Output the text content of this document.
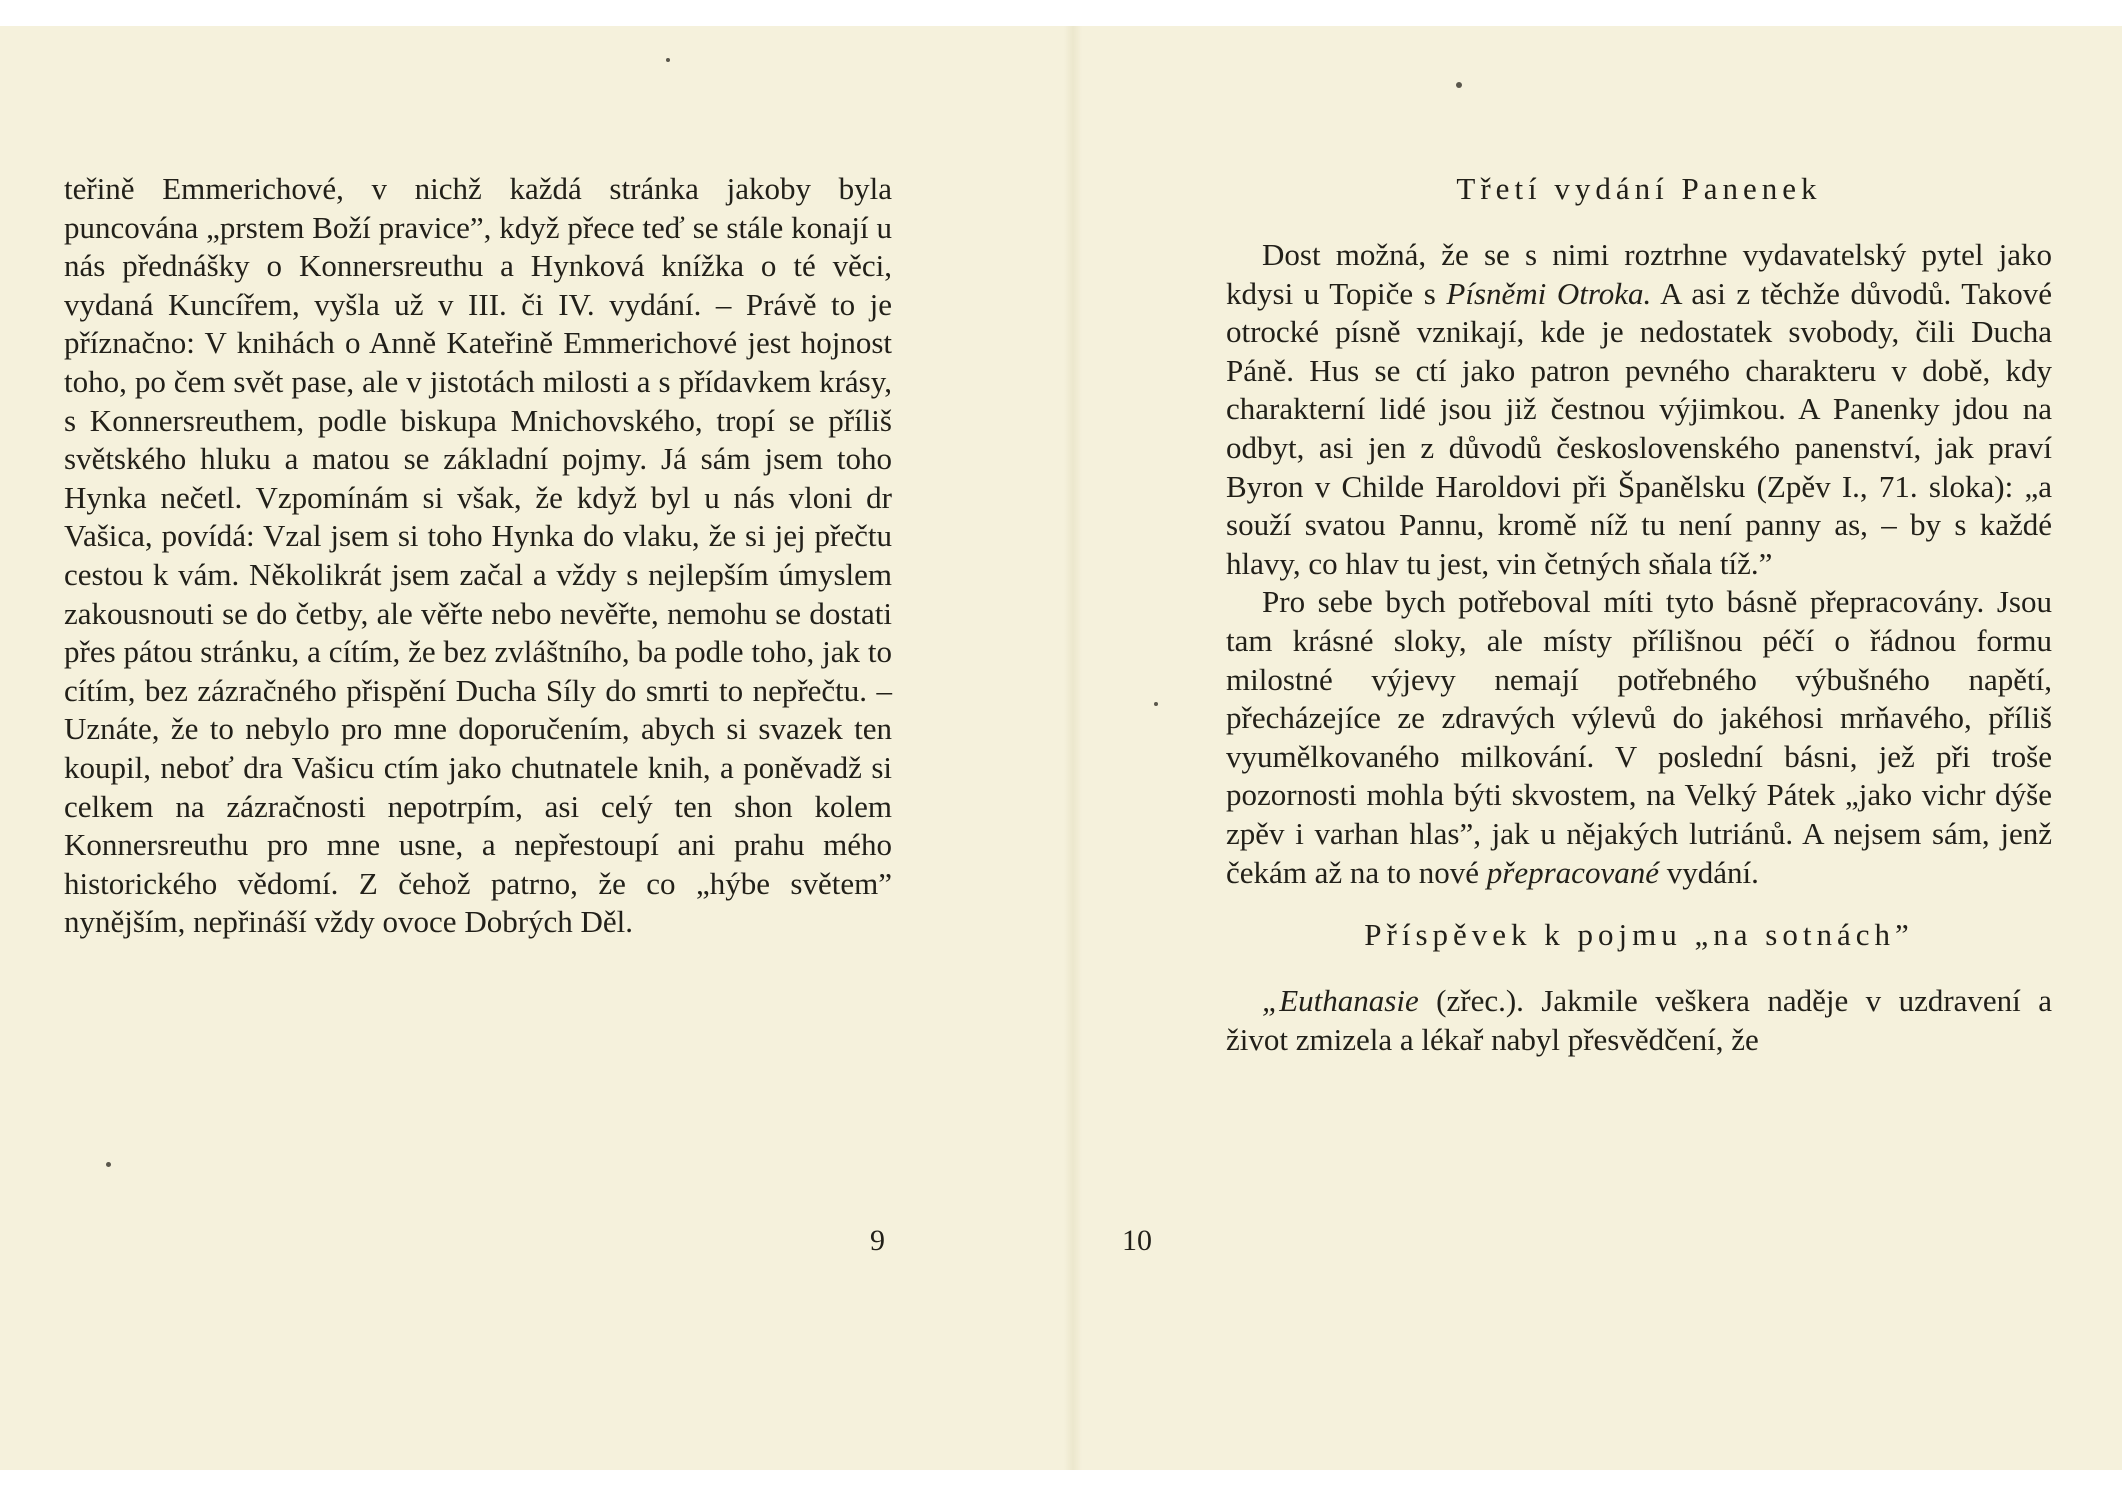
teřině Emmerichové, v nichž každá stránka jakoby byla puncována „prstem Boží pravice”, když přece teď se stále konají u nás přednášky o Konnersreuthu a Hynková knížka o té věci, vydaná Kuncířem, vyšla už v III. či IV. vydání. – Právě to je příznačno: V knihách o Anně Kateřině Emmerichové jest hojnost toho, po čem svět pase, ale v jistotách milosti a s přídavkem krásy, s Konnersreuthem, podle biskupa Mnichovského, tropí se příliš světského hluku a matou se základní pojmy. Já sám jsem toho Hynka nečetl. Vzpomínám si však, že když byl u nás vloni dr Vašica, povídá: Vzal jsem si toho Hynka do vlaku, že si jej přečtu cestou k vám. Několikrát jsem začal a vždy s nejlepším úmyslem zakousnouti se do četby, ale věřte nebo nevěřte, nemohu se dostati přes pátou stránku, a cítím, že bez zvláštního, ba podle toho, jak to cítím, bez zázračného přispění Ducha Síly do smrti to nepřečtu. – Uznáte, že to nebylo pro mne doporučením, abych si svazek ten koupil, neboť dra Vašicu ctím jako chutnatele knih, a poněvadž si celkem na zázračnosti nepotrpím, asi celý ten shon kolem Konnersreuthu pro mne usne, a nepřestoupí ani prahu mého historického vědomí. Z čehož patrno, že co „hýbe světem” nynějším, nepřináší vždy ovoce Dobrých Děl.

9
Třetí vydání Panenek

Dost možná, že se s nimi roztrhne vydavatelský pytel jako kdysi u Topiče s Písněmi Otroka. A asi z těchže důvodů. Takové otrocké písně vznikají, kde je nedostatek svobody, čili Ducha Páně. Hus se ctí jako patron pevného charakteru v době, kdy charakterní lidé jsou již čestnou výjimkou. A Panenky jdou na odbyt, asi jen z důvodů československého panenství, jak praví Byron v Childe Haroldovi při Španělsku (Zpěv I., 71. sloka): „a souží svatou Pannu, kromě níž tu není panny as, – by s každé hlavy, co hlav tu jest, vin četných sňala tíž.”

Pro sebe bych potřeboval míti tyto básně přepracovány. Jsou tam krásné sloky, ale místy přílišnou péčí o řádnou formu milostné výjevy nemají potřebného výbušného napětí, přecházejíce ze zdravých výlevů do jakéhosi mrňavého, příliš vyumělkovaného milkování. V poslední básni, jež při troše pozornosti mohla býti skvostem, na Velký Pátek „jako vichr dýše zpěv i varhan hlas”, jak u nějakých lutriánů. A nejsem sám, jenž čekám až na to nové přepracované vydání.

Příspěvek k pojmu „na sotnách”

„Euthanasie (zřec.). Jakmile veškera naděje v uzdravení a život zmizela a lékař nabyl přesvědčení, že

10
